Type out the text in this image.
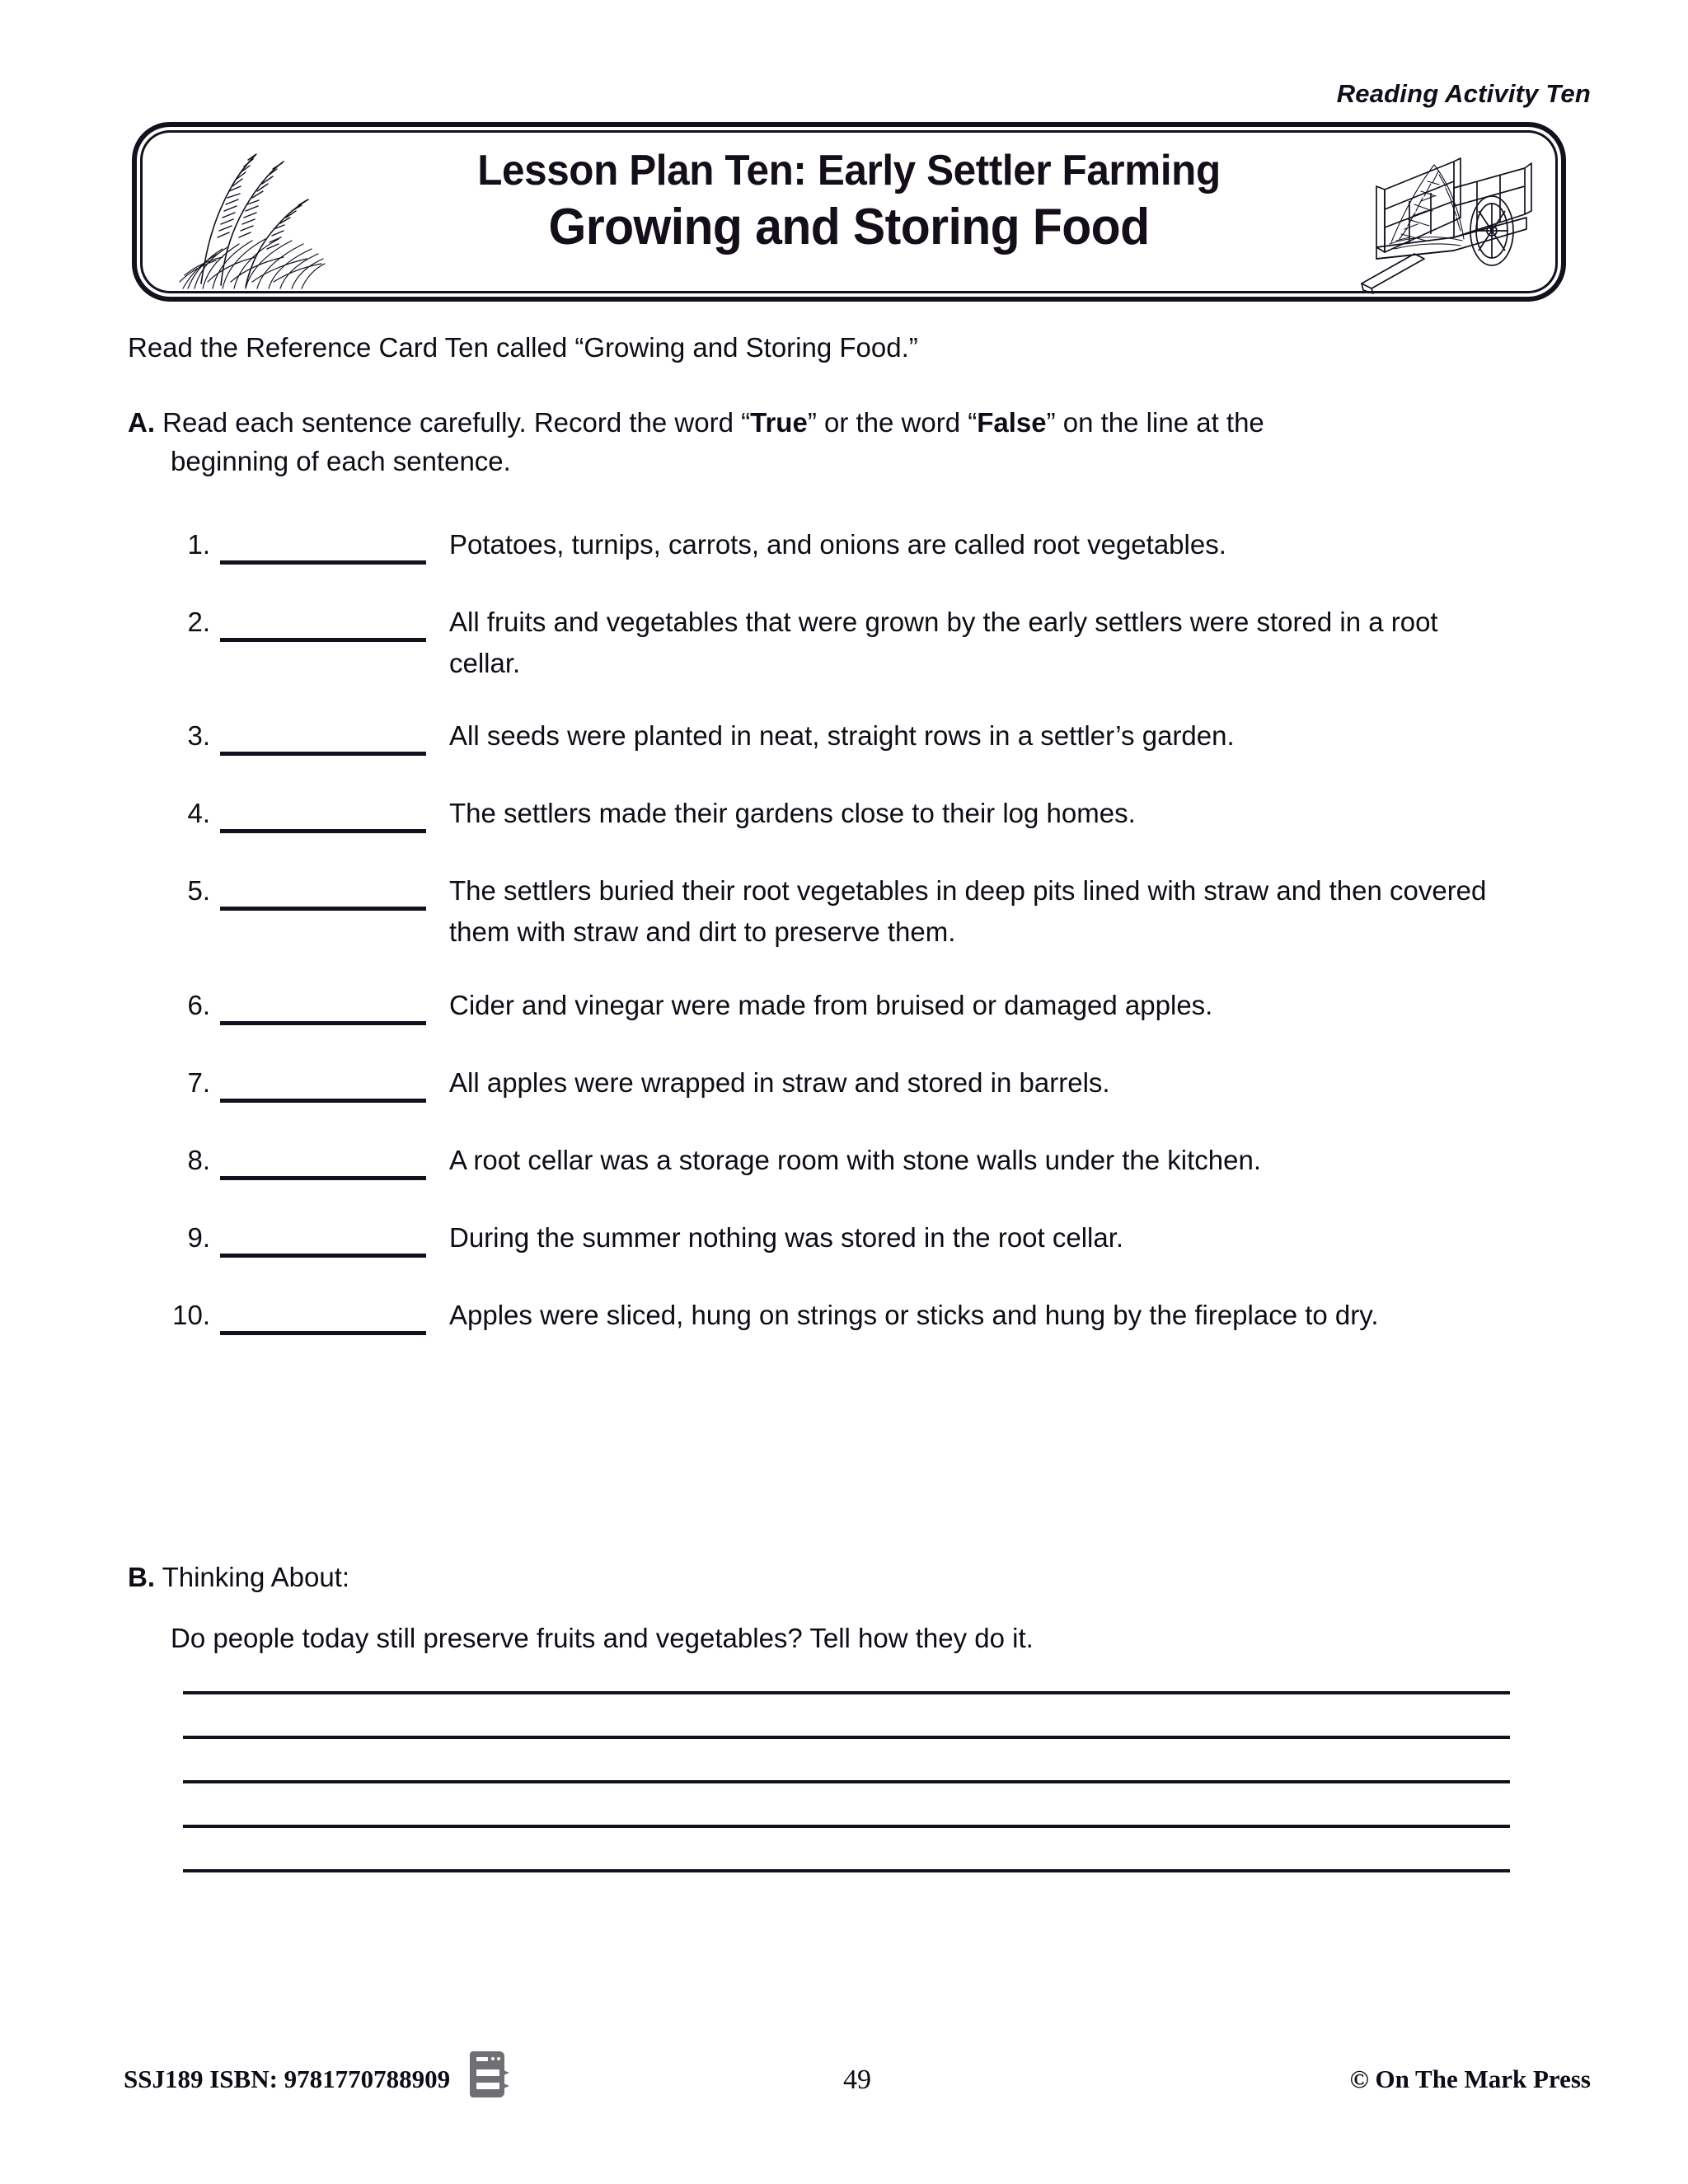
Reading Activity Ten
Lesson Plan Ten: Early Settler Farming
Growing and Storing Food
Read the Reference Card Ten called “Growing and Storing Food.”
A. Read each sentence carefully. Record the word “True” or the word “False” on the line at the
beginning of each sentence.
1.	Potatoes, turnips, carrots, and onions are called root vegetables.
2.	All fruits and vegetables that were grown by the early settlers were stored in a root cellar.
3.	All seeds were planted in neat, straight rows in a settler’s garden.
4.	The settlers made their gardens close to their log homes.
5.	The settlers buried their root vegetables in deep pits lined with straw and then covered them with straw and dirt to preserve them.
6.	Cider and vinegar were made from bruised or damaged apples.
7.	All apples were wrapped in straw and stored in barrels.
8.	A root cellar was a storage room with stone walls under the kitchen.
9.	During the summer nothing was stored in the root cellar.
10.	Apples were sliced, hung on strings or sticks and hung by the fireplace to dry.
B. Thinking About:
Do people today still preserve fruits and vegetables? Tell how they do it.
SSJ189 ISBN: 9781770788909	49	© On The Mark Press
